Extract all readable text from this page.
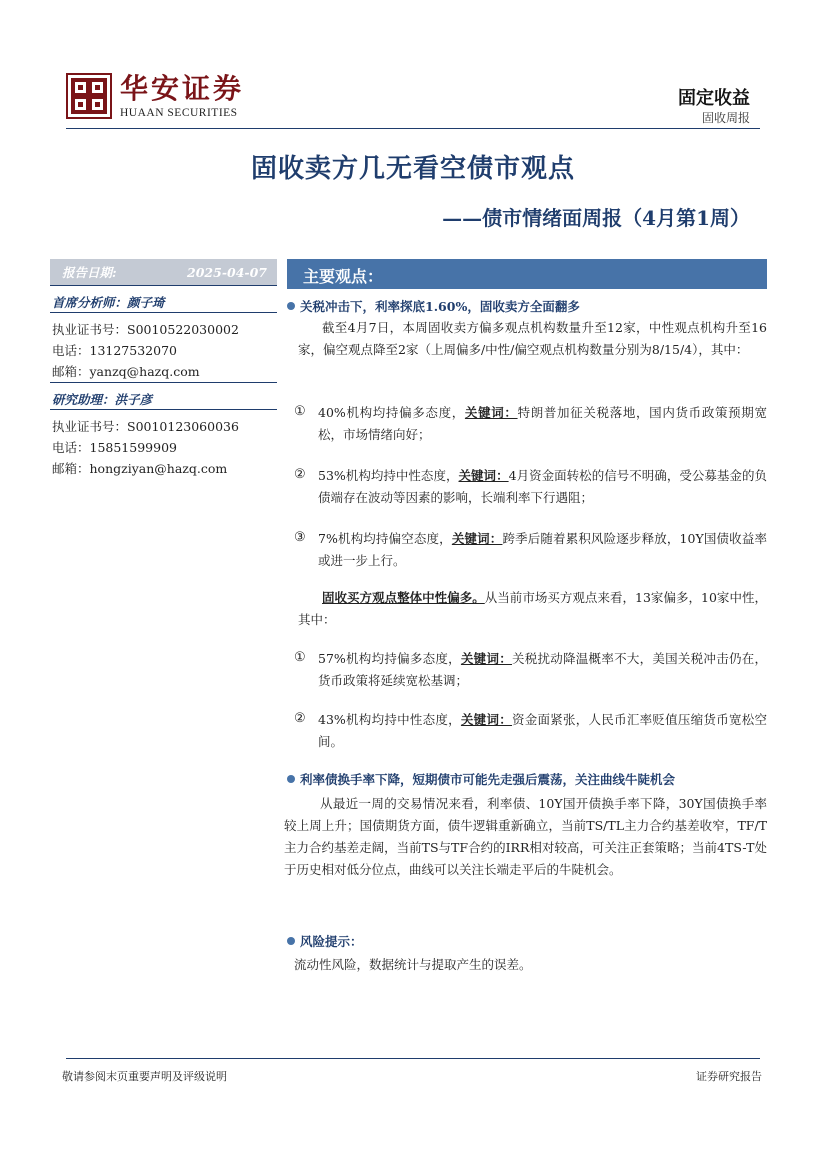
华安证券
HUAAN SECURITIES
固定收益
固收周报
固收卖方几无看空债市观点
——债市情绪面周报（4月第1周）
报告日期:	2025-04-07
首席分析师：颜子琦
执业证书号：S0010522030002
电话：13127532070
邮箱：yanzq@hazq.com
研究助理：洪子彦
执业证书号：S0010123060036
电话：15851599909
邮箱：hongziyan@hazq.com
主要观点：
关税冲击下，利率探底1.60%，固收卖方全面翻多
截至4月7日，本周固收卖方偏多观点机构数量升至12家，中性观点机构升至16家，偏空观点降至2家（上周偏多/中性/偏空观点机构数量分别为8/15/4），其中：
① 40%机构均持偏多态度，关键词：特朗普加征关税落地，国内货币政策预期宽松，市场情绪向好；
② 53%机构均持中性态度，关键词：4月资金面转松的信号不明确，受公募基金的负债端存在波动等因素的影响，长端利率下行遇阻；
③ 7%机构均持偏空态度，关键词：跨季后随着累积风险逐步释放，10Y国债收益率或进一步上行。
固收买方观点整体中性偏多。从当前市场买方观点来看，13家偏多，10家中性，其中：
① 57%机构均持偏多态度，关键词：关税扰动降温概率不大，美国关税冲击仍在，货币政策将延续宽松基调；
② 43%机构均持中性态度，关键词：资金面紧张，人民币汇率贬值压缩货币宽松空间。
利率债换手率下降，短期债市可能先走强后震荡，关注曲线牛陡机会
从最近一周的交易情况来看，利率债、10Y国开债换手率下降，30Y国债换手率较上周上升；国债期货方面，债牛逻辑重新确立，当前TS/TL主力合约基差收窄，TF/T主力合约基差走阔，当前TS与TF合约的IRR相对较高，可关注正套策略；当前4TS-T处于历史相对低分位点，曲线可以关注长端走平后的牛陡机会。
风险提示：
流动性风险，数据统计与提取产生的误差。
敬请参阅末页重要声明及评级说明	证券研究报告
